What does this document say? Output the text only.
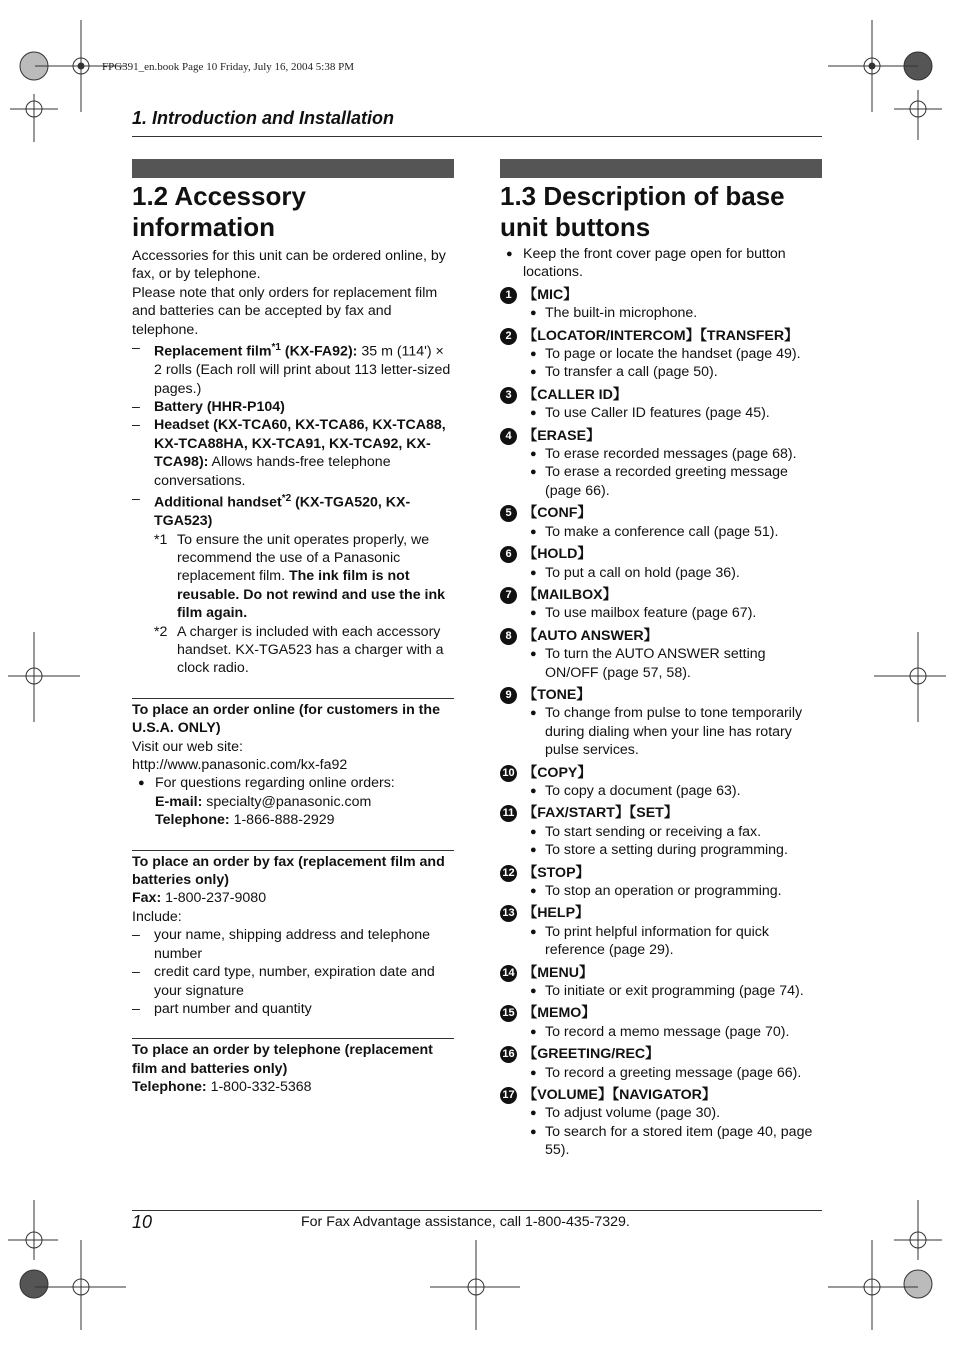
FPG391_en.book Page 10 Friday, July 16, 2004 5:38 PM
1. Introduction and Installation
1.2 Accessory information

Accessories for this unit can be ordered online, by fax, or by telephone.

Please note that only orders for replacement film and batteries can be accepted by fax and telephone.

– Replacement film$^{*1}$ (KX-FA92): 35 m (114') × 2 rolls (Each roll will print about 113 letter-sized pages.)
– Battery (HHR-P104)
– Headset (KX-TCA60, KX-TCA86, KX-TCA88, KX-TCA88HA, KX-TCA91, KX-TCA92, KX-TCA98): Allows hands-free telephone conversations.
– Additional handset$^{*2}$ (KX-TGA520, KX-TGA523)
*1 To ensure the unit operates properly, we recommend the use of a Panasonic replacement film. The ink film is not reusable. Do not rewind and use the ink film again.
*2 A charger is included with each accessory handset. KX-TGA523 has a charger with a clock radio.

To place an order online (for customers in the U.S.A. ONLY)

Visit our web site:

http://www.panasonic.com/kx-fa92

● For questions regarding online orders:
E-mail: specialty@panasonic.com
Telephone: 1-866-888-2929

To place an order by fax (replacement film and batteries only)

Fax: 1-800-237-9080

Include:

– your name, shipping address and telephone number
– credit card type, number, expiration date and your signature
– part number and quantity

To place an order by telephone (replacement film and batteries only)

Telephone: 1-800-332-5368

1.3 Description of base unit buttons
● Keep the front cover page open for button locations.
1 【MIC】
● The built-in microphone.
2 【LOCATOR/INTERCOM】【TRANSFER】
● To page or locate the handset (page 49).
● To transfer a call (page 50).
3 【CALLER ID】
● To use Caller ID features (page 45).
4 【ERASE】
● To erase recorded messages (page 68).
● To erase a recorded greeting message (page 66).
5 【CONF】
● To make a conference call (page 51).
6 【HOLD】
● To put a call on hold (page 36).
7 【MAILBOX】
● To use mailbox feature (page 67).
8 【AUTO ANSWER】
● To turn the AUTO ANSWER setting ON/OFF (page 57, 58).
9 【TONE】
● To change from pulse to tone temporarily during dialing when your line has rotary pulse services.
10 【COPY】
● To copy a document (page 63).
11 【FAX/START】【SET】
● To start sending or receiving a fax.
● To store a setting during programming.
12 【STOP】
● To stop an operation or programming.
13 【HELP】
● To print helpful information for quick reference (page 29).
14 【MENU】
● To initiate or exit programming (page 74).
15 【MEMO】
● To record a memo message (page 70).
16 【GREETING/REC】
● To record a greeting message (page 66).
17 【VOLUME】【NAVIGATOR】
● To adjust volume (page 30).
● To search for a stored item (page 40, page 55).
10	For Fax Advantage assistance, call 1-800-435-7329.
